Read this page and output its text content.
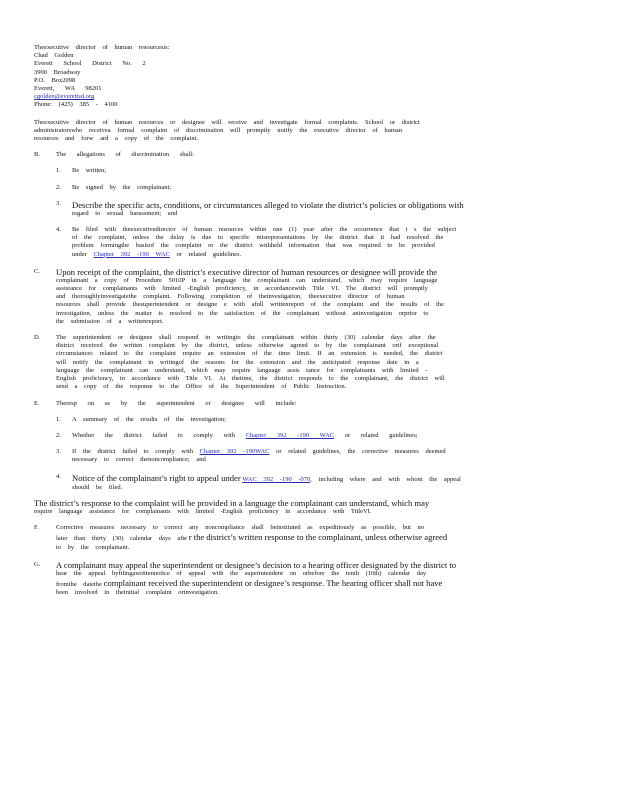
Theexecutive director of human resourcesis:
Chad Golden
Everett School District No. 2
3900 Broadway
P.O. Box2098
Everett, WA 98201
cgolden@everettsd.org
Phone: (425) 385 - 4100
Theexecutive director of human resources or designee will receive and investigate formal complaints. School or district
administratorswho receivea formal complaint of discrimination will promptly notify the executive director of human
resources and forw ard a copy of the complaint.
B. The allegations of discrimination shall:
1. Be written;
2. Be signed by the complainant;
3. Describe the specific acts, conditions, or circumstances alleged to violate the district’s policies or obligations with
regard to sexual harassment; and
4. Be filed with theexecutivedirector of human resources within one (1) year after the occurrence that i s the subject
of the complaint, unless the delay is due to specific misrepresentations by the district that it had resolved the
problem formingthe basisof the complaint or the district withheld information that was required to be provided
under Chapter 392 -190 WAC or related guidelines.
C. Upon receipt of the complaint, the district’s executive director of human resources or designee will provide the
complainant a copy of Procedure 5010P in a language the complainant can understand, which may require language
assistance for complainants with limited -English proficiency, in accordancewith Title VI. The district will promptly
and thoroughlyinvestigatethe complaint. Following completion of theinvestigation, theexecutive director of human
resources shall provide thesuperintendent or designe e with afull writtenreport of the complaint and the results of the
investigation, unless the matter is resolved to the satisfaction of the complainant without aninvestigation orprior to
the submission of a writtenreport.
D. The superintendent or designee shall respond in writingto the complainant within thirty (30) calendar days after the
district received the written complaint by the district, unless otherwise agreed to by the complainant orif exceptional
circumstances related to the complaint require an extension of the time limit. If an extension is needed, the district
will notify the complainant in writingof the reasons for the extension and the anticipated response date in a
language the complainant can understand, which may require language assis tance for complainants with limited -
English proficiency, in accordance with Title VI. At thetime, the district responds to the complainant, the district will
send a copy of the response to the Office of the Superintendent of Public Instruction.
E.	Theresp on se by the superintendent or designee will include:
1. A summary of the results of the investigation;
2. Whether the district failed to comply with Chapter 392 -190 WAC or related guidelines;
3. If the district failed to comply with Chapter 392 -190WAC or related guidelines, the corrective measures deemed
necessary to correct thenoncompliance; and
4. Notice of the complainant’s right to appeal under WAC 392 -190 -070, including where and with whom the appeal
should be filed.
The district’s response to the complaint will be provided in a language the complainant can understand, which may
require language assistance for complainants with limited -English proficiency in accordance with TitleVI.
F.	Corrective measures necessary to correct any noncompliance shall beinstituted as expeditiously as possible, but no
later than thirty (30) calendar days afte r the district’s written response to the complainant, unless otherwise agreed
to by the complainant.
G. A complainant may appeal the superintendent or designee’s decision to a hearing officer designated by the district to
hear the appeal byfilingawrittennotice of appeal with the superintendent on orbefore the tenth (10th) calendar day
fromthe datethe complainant received the superintendent or designee’s response. The hearing officer shall not have
been involved in theinitial complaint orinvestigation.
